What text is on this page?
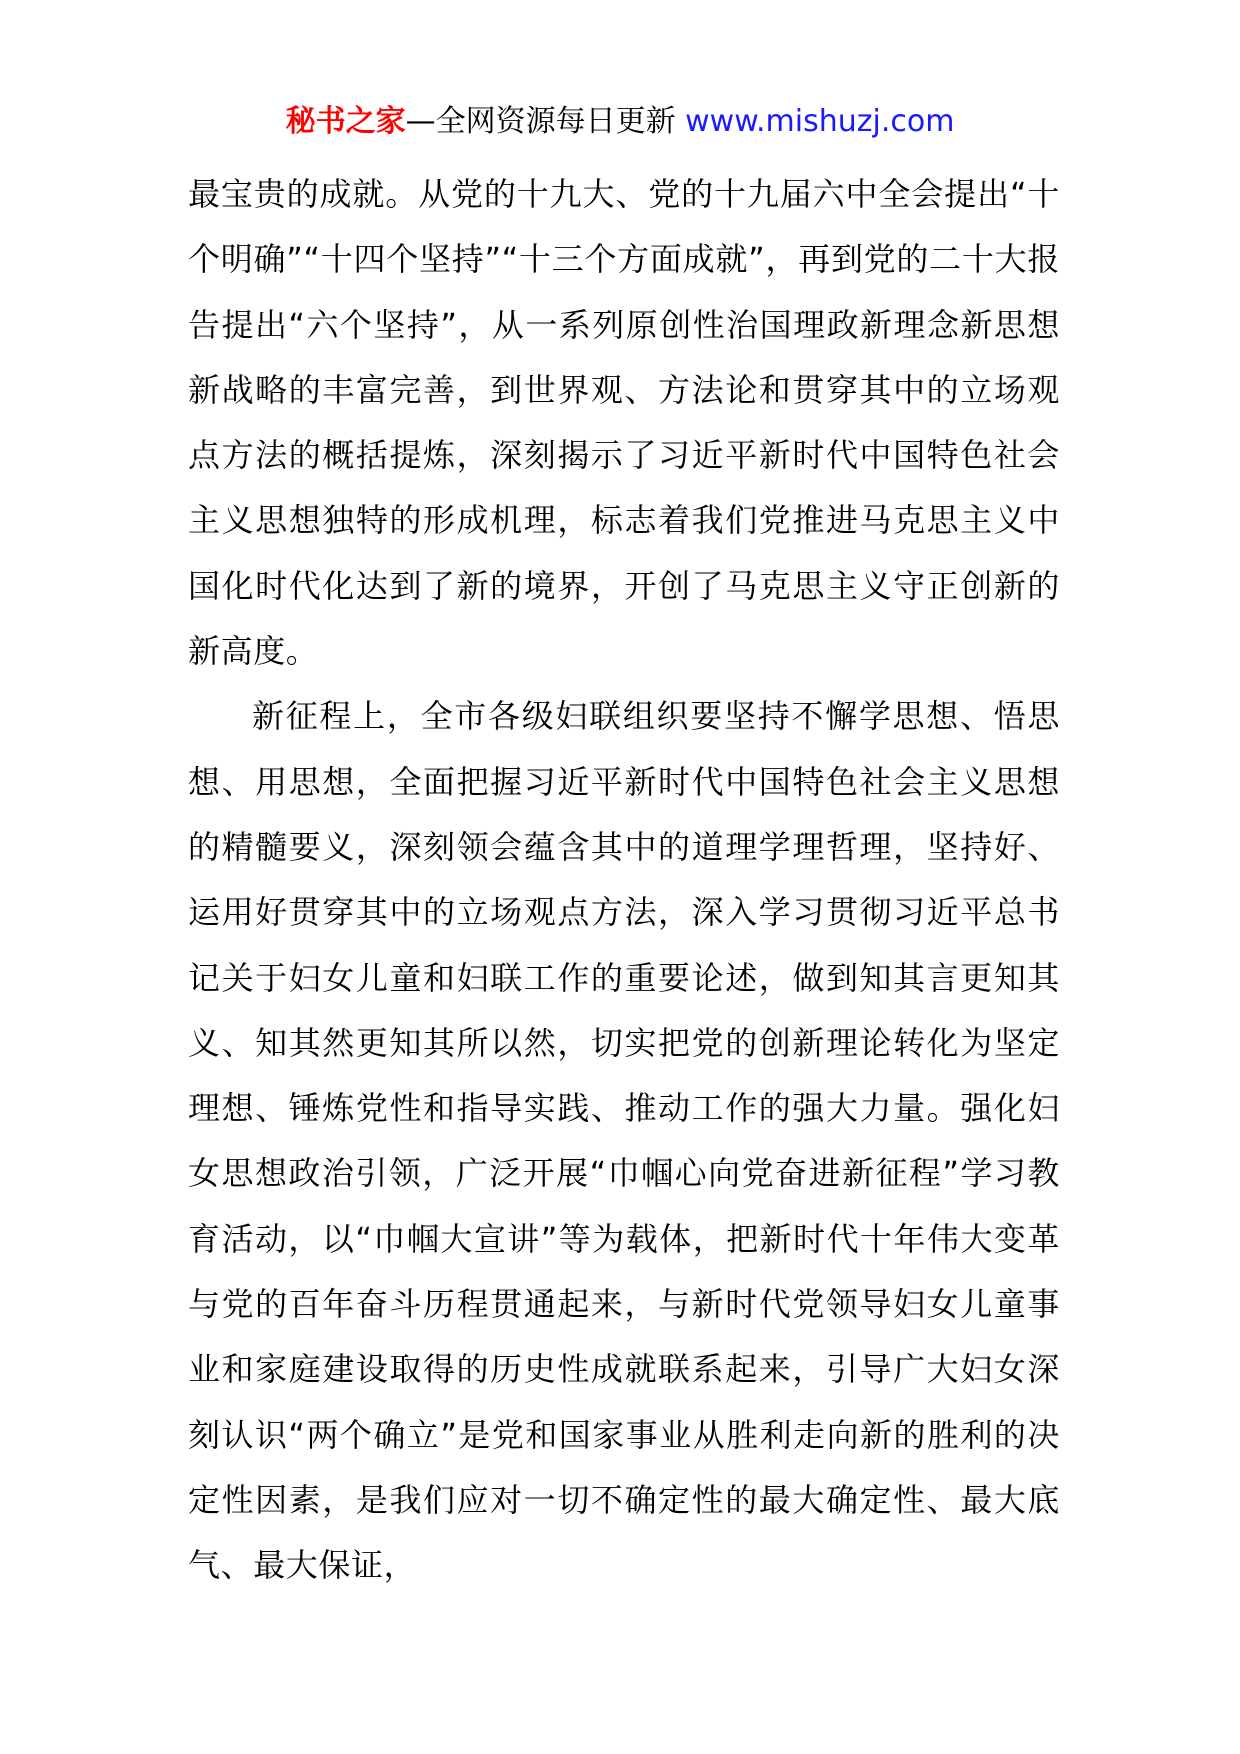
秘书之家—全网资源每日更新 www.mishuzj.com

最宝贵的成就。从党的十九大、党的十九届六中全会提出“十个明确”“十四个坚持”“十三个方面成就”，再到党的二十大报告提出“六个坚持”，从一系列原创性治国理政新理念新思想新战略的丰富完善，到世界观、方法论和贯穿其中的立场观点方法的概括提炼，深刻揭示了习近平新时代中国特色社会主义思想独特的形成机理，标志着我们党推进马克思主义中国化时代化达到了新的境界，开创了马克思主义守正创新的新高度。

新征程上，全市各级妇联组织要坚持不懈学思想、悟思想、用思想，全面把握习近平新时代中国特色社会主义思想的精髓要义，深刻领会蕴含其中的道理学理哲理，坚持好、运用好贯穿其中的立场观点方法，深入学习贯彻习近平总书记关于妇女儿童和妇联工作的重要论述，做到知其言更知其义、知其然更知其所以然，切实把党的创新理论转化为坚定理想、锤炼党性和指导实践、推动工作的强大力量。强化妇女思想政治引领，广泛开展“巾帼心向党奋进新征程”学习教育活动，以“巾帼大宣讲”等为载体，把新时代十年伟大变革与党的百年奋斗历程贯通起来，与新时代党领导妇女儿童事业和家庭建设取得的历史性成就联系起来，引导广大妇女深刻认识“两个确立”是党和国家事业从胜利走向新的胜利的决定性因素，是我们应对一切不确定性的最大确定性、最大底气、最大保证，
